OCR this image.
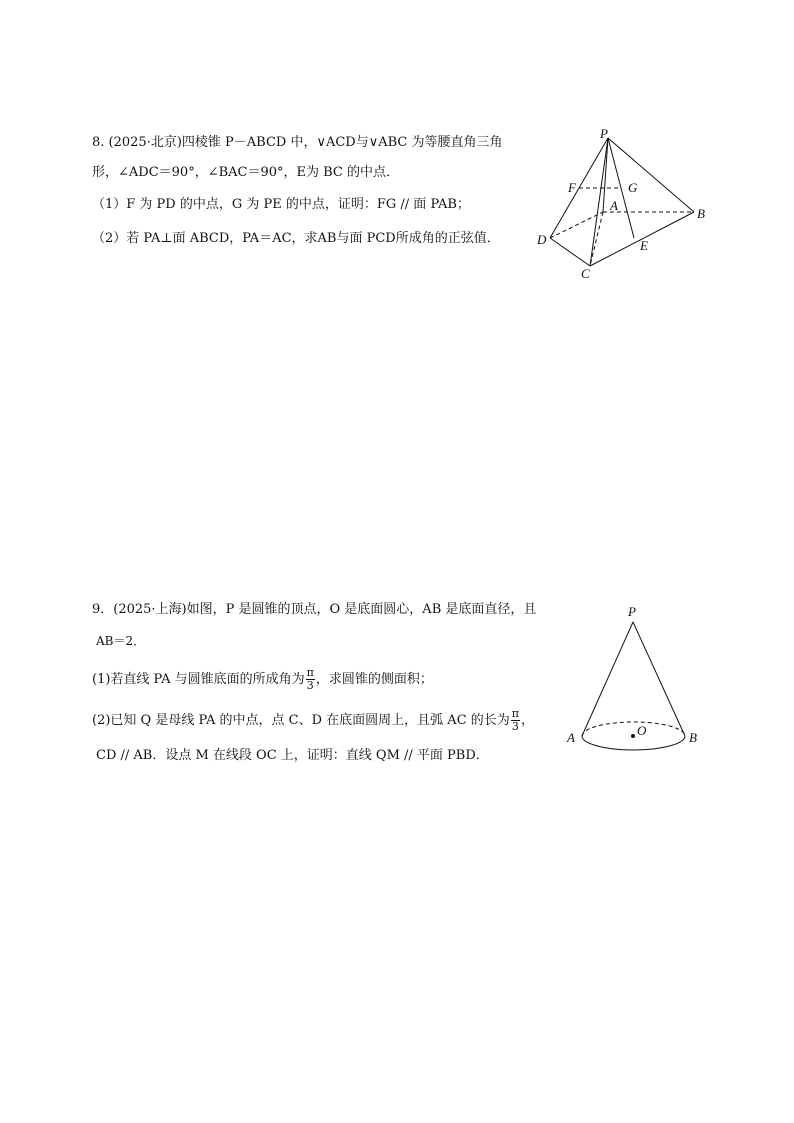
8. (2025·北京)四棱锥 P－ABCD 中，∨ACD与∨ABC 为等腰直角三角
形，∠ADC＝90°，∠BAC＝90°，E为 BC 的中点．
（1）F 为 PD 的中点，G 为 PE 的中点，证明：FG // 面 PAB；
（2）若 PA⊥面 ABCD，PA＝AC，求AB与面 PCD所成角的正弦值．
P
F	G
A
B
D	E
C
9．(2025·上海)如图，P 是圆锥的顶点，O 是底面圆心，AB 是底面直径，且
AB＝2．
(1)若直线 PA 与圆锥底面的所成角为 $\frac{\pi}{3}$ ，求圆锥的侧面积；
(2)已知 Q 是母线 PA 的中点，点 C、D 在底面圆周上，且弧 AC 的长为 $\frac{\pi}{3}$ ，
CD // AB．设点 M 在线段 OC 上，证明：直线 QM // 平面 PBD．
P
O
A	B
